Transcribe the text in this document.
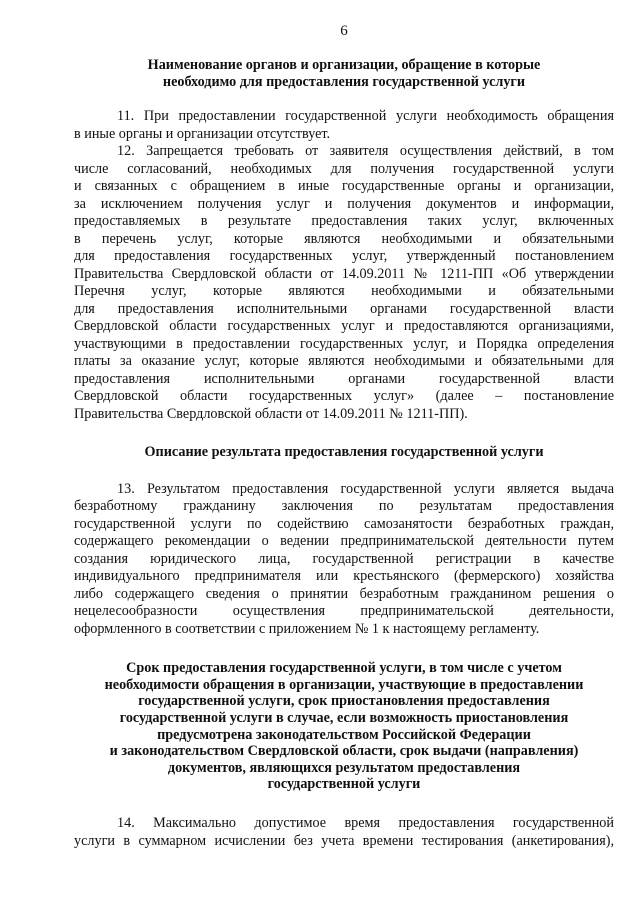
6
Наименование органов и организации, обращение в которые
необходимо для предоставления государственной услуги
11. При предоставлении государственной услуги необходимость обращения
в иные органы и организации отсутствует.
12. Запрещается требовать от заявителя осуществления действий, в том
числе согласований, необходимых для получения государственной услуги
и связанных с обращением в иные государственные органы и организации,
за исключением получения услуг и получения документов и информации,
предоставляемых в результате предоставления таких услуг, включенных
в перечень услуг, которые являются необходимыми и обязательными
для предоставления государственных услуг, утвержденный постановлением
Правительства Свердловской области от 14.09.2011 № 1211-ПП «Об утверждении
Перечня услуг, которые являются необходимыми и обязательными
для предоставления исполнительными органами государственной власти
Свердловской области государственных услуг и предоставляются организациями,
участвующими в предоставлении государственных услуг, и Порядка определения
платы за оказание услуг, которые являются необходимыми и обязательными для
предоставления исполнительными органами государственной власти
Свердловской области государственных услуг» (далее – постановление
Правительства Свердловской области от 14.09.2011 № 1211-ПП).
Описание результата предоставления государственной услуги
13. Результатом предоставления государственной услуги является выдача
безработному гражданину заключения по результатам предоставления
государственной услуги по содействию самозанятости безработных граждан,
содержащего рекомендации о ведении предпринимательской деятельности путем
создания юридического лица, государственной регистрации в качестве
индивидуального предпринимателя или крестьянского (фермерского) хозяйства
либо содержащего сведения о принятии безработным гражданином решения о
нецелесообразности осуществления предпринимательской деятельности,
оформленного в соответствии с приложением № 1 к настоящему регламенту.
Срок предоставления государственной услуги, в том числе с учетом
необходимости обращения в организации, участвующие в предоставлении
государственной услуги, срок приостановления предоставления
государственной услуги в случае, если возможность приостановления
предусмотрена законодательством Российской Федерации
и законодательством Свердловской области, срок выдачи (направления)
документов, являющихся результатом предоставления
государственной услуги
14. Максимально допустимое время предоставления государственной
услуги в суммарном исчислении без учета времени тестирования (анкетирования),
